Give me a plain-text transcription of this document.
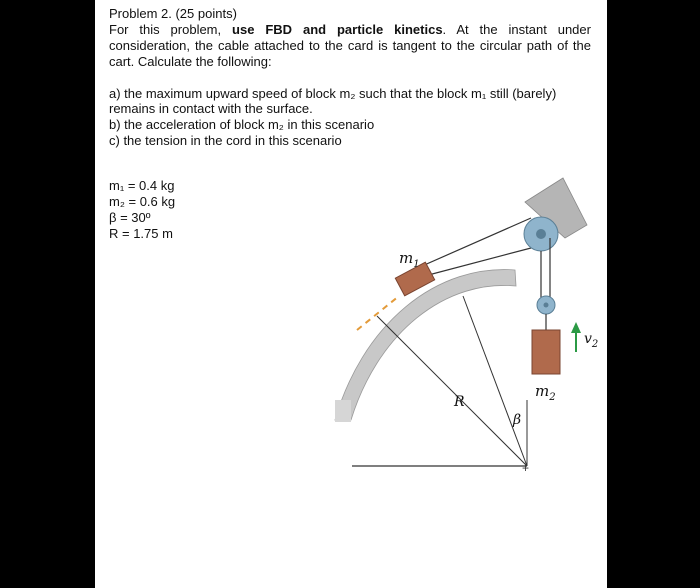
Problem 2. (25 points)
For this problem, use FBD and particle kinetics. At the instant under consideration, the cable attached to the card is tangent to the circular path of the cart. Calculate the following:
a) the maximum upward speed of block m₂ such that the block m₁ still (barely)
remains in contact with the surface.
b) the acceleration of block m₂ in this scenario
c) the tension in the cord in this scenario
m₁ = 0.4 kg
m₂ = 0.6 kg
β = 30º
R = 1.75 m
+
$m_1$
$m_2$
$v_2$
R
β
